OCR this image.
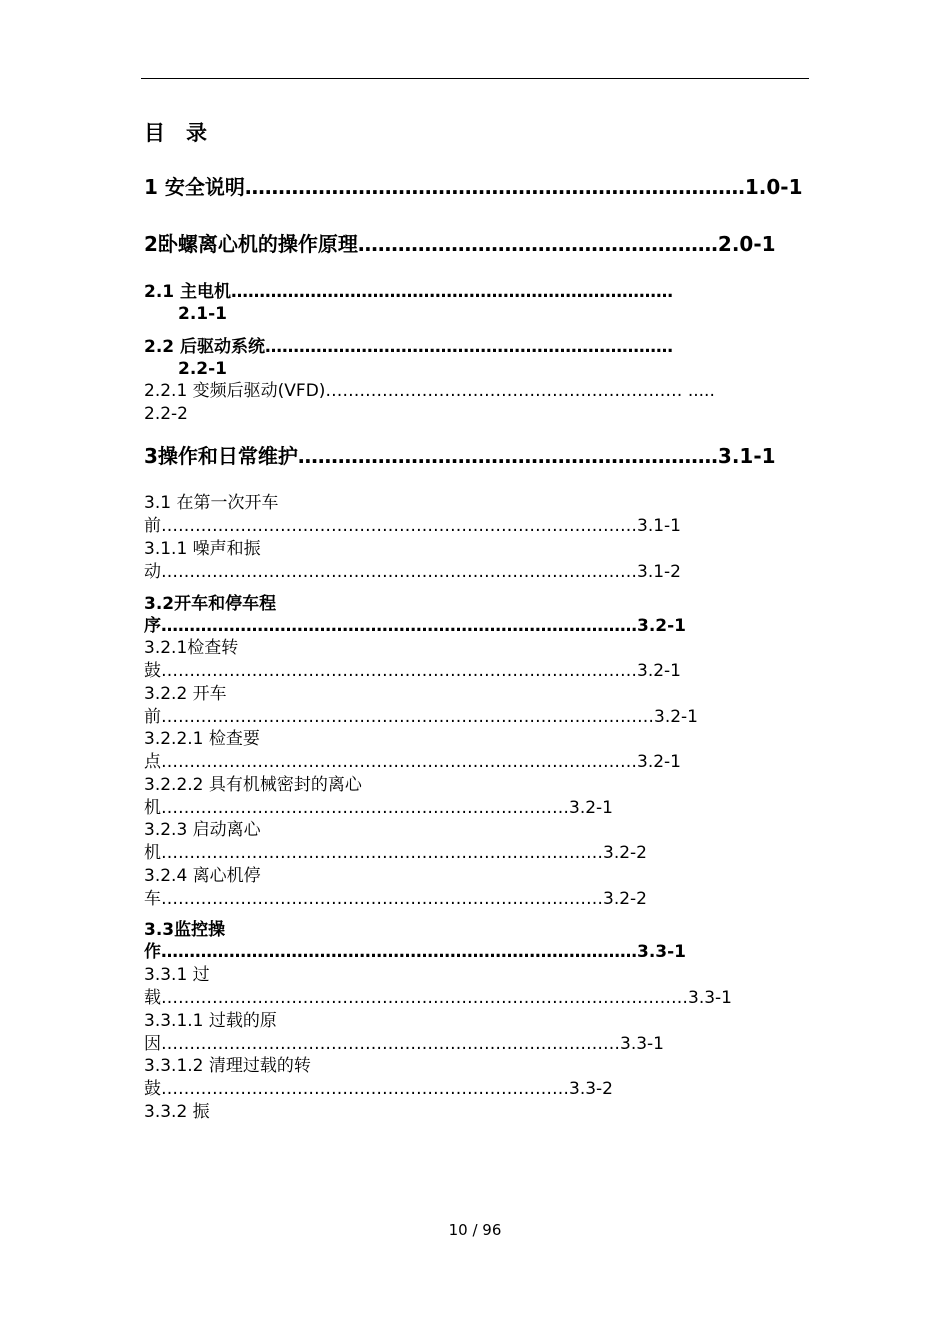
目　录
1 安全说明…………………………………………………………………1.0-1
2卧螺离心机的操作原理………………………………………………2.0-1
2.1 主电机……………………………………………………………………
2.1-1
2.2 后驱动系统………………………………………………………………
2.2-1
2.2.1 变频后驱动(VFD)……………………………………………………… .....
2.2-2
3操作和日常维护………………………………………………………3.1-1
3.1 在第一次开车
前…………………………………………………………………………3.1-1
3.1.1 噪声和振
动…………………………………………………………………………3.1-2
3.2开车和停车程
序…………………………………………………………………………3.2-1
3.2.1检查转
鼓…………………………………………………………………………3.2-1
3.2.2 开车
前……………………………………………………………………………3.2-1
3.2.2.1 检查要
点…………………………………………………………………………3.2-1
3.2.2.2 具有机械密封的离心
机………………………………………………………………3.2-1
3.2.3 启动离心
机……………………………………………………………………3.2-2
3.2.4 离心机停
车……………………………………………………………………3.2-2
3.3监控操
作…………………………………………………………………………3.3-1
3.3.1 过
载…………………………………………………………………………………3.3-1
3.3.1.1 过载的原
因………………………………………………………………………3.3-1
3.3.1.2 清理过载的转
鼓………………………………………………………………3.3-2
3.3.2 振
10 / 96
